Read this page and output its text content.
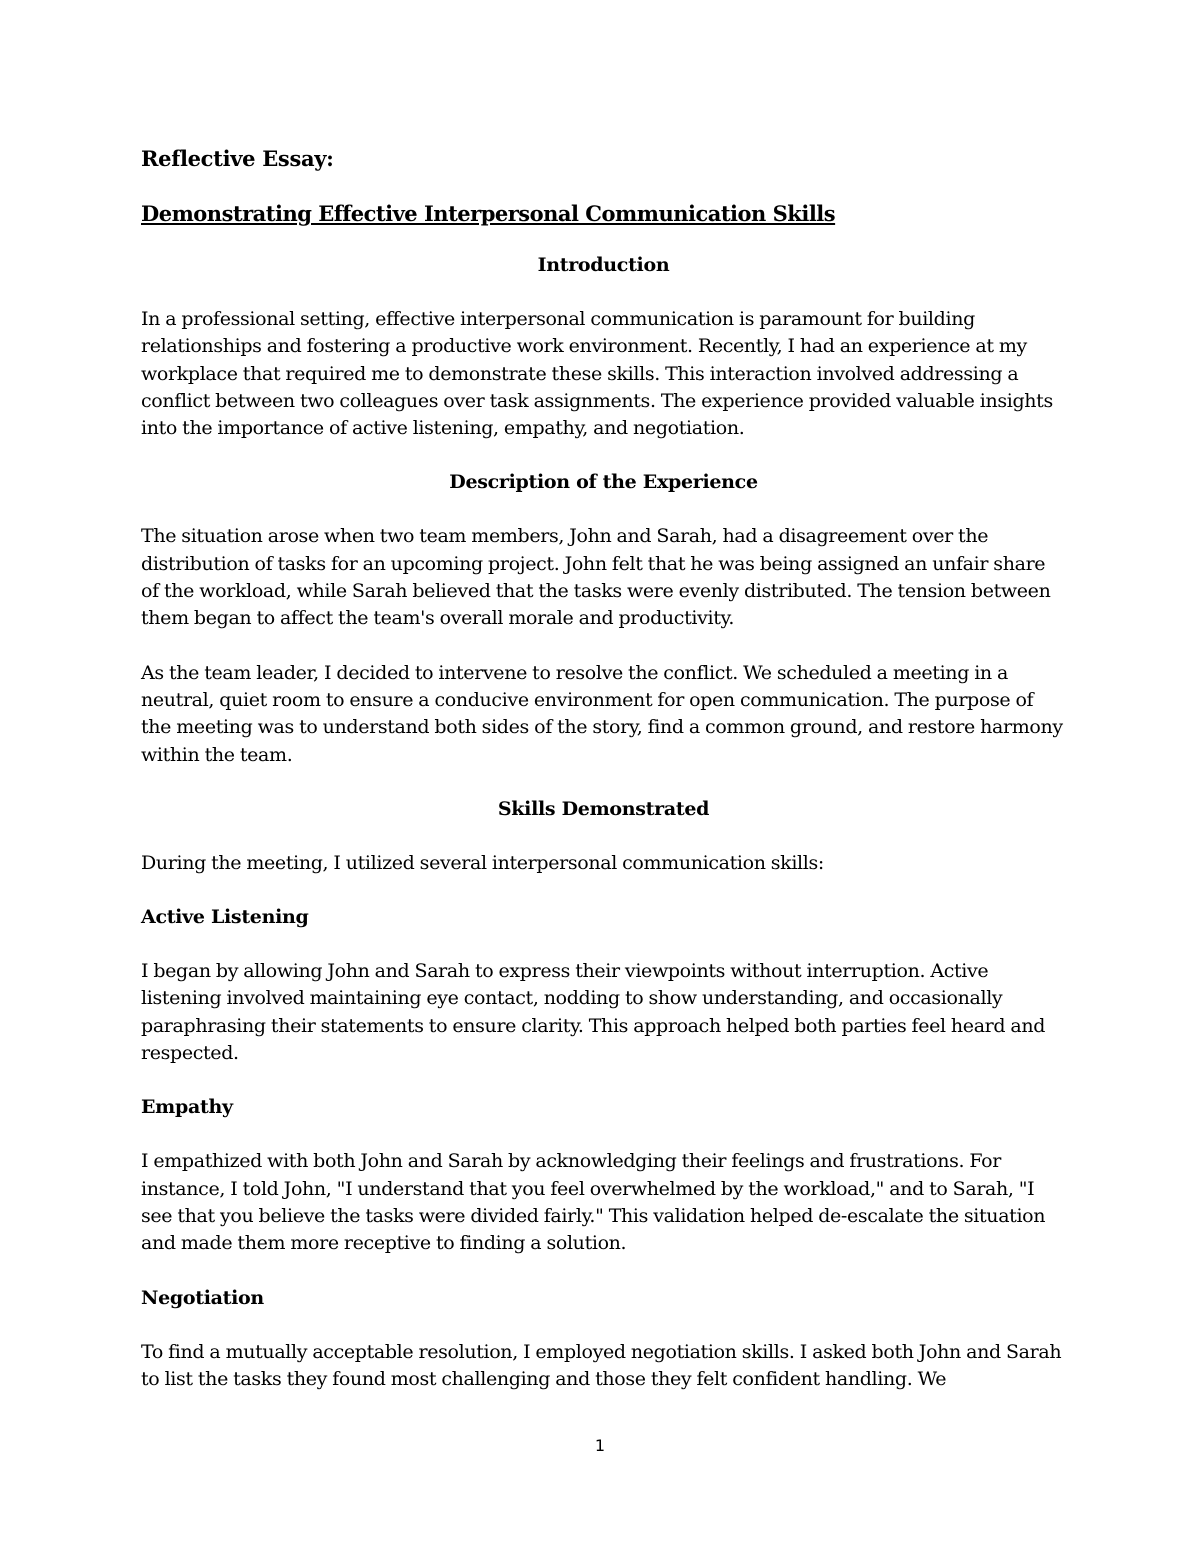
Reflective Essay:
Demonstrating Effective Interpersonal Communication Skills
Introduction
In a professional setting, effective interpersonal communication is paramount for building relationships and fostering a productive work environment. Recently, I had an experience at my workplace that required me to demonstrate these skills. This interaction involved addressing a conflict between two colleagues over task assignments. The experience provided valuable insights into the importance of active listening, empathy, and negotiation.
Description of the Experience
The situation arose when two team members, John and Sarah, had a disagreement over the distribution of tasks for an upcoming project. John felt that he was being assigned an unfair share of the workload, while Sarah believed that the tasks were evenly distributed. The tension between them began to affect the team's overall morale and productivity.
As the team leader, I decided to intervene to resolve the conflict. We scheduled a meeting in a neutral, quiet room to ensure a conducive environment for open communication. The purpose of the meeting was to understand both sides of the story, find a common ground, and restore harmony within the team.
Skills Demonstrated
During the meeting, I utilized several interpersonal communication skills:
Active Listening
I began by allowing John and Sarah to express their viewpoints without interruption. Active listening involved maintaining eye contact, nodding to show understanding, and occasionally paraphrasing their statements to ensure clarity. This approach helped both parties feel heard and respected.
Empathy
I empathized with both John and Sarah by acknowledging their feelings and frustrations. For instance, I told John, "I understand that you feel overwhelmed by the workload," and to Sarah, "I see that you believe the tasks were divided fairly." This validation helped de-escalate the situation and made them more receptive to finding a solution.
Negotiation
To find a mutually acceptable resolution, I employed negotiation skills. I asked both John and Sarah to list the tasks they found most challenging and those they felt confident handling. We
1
